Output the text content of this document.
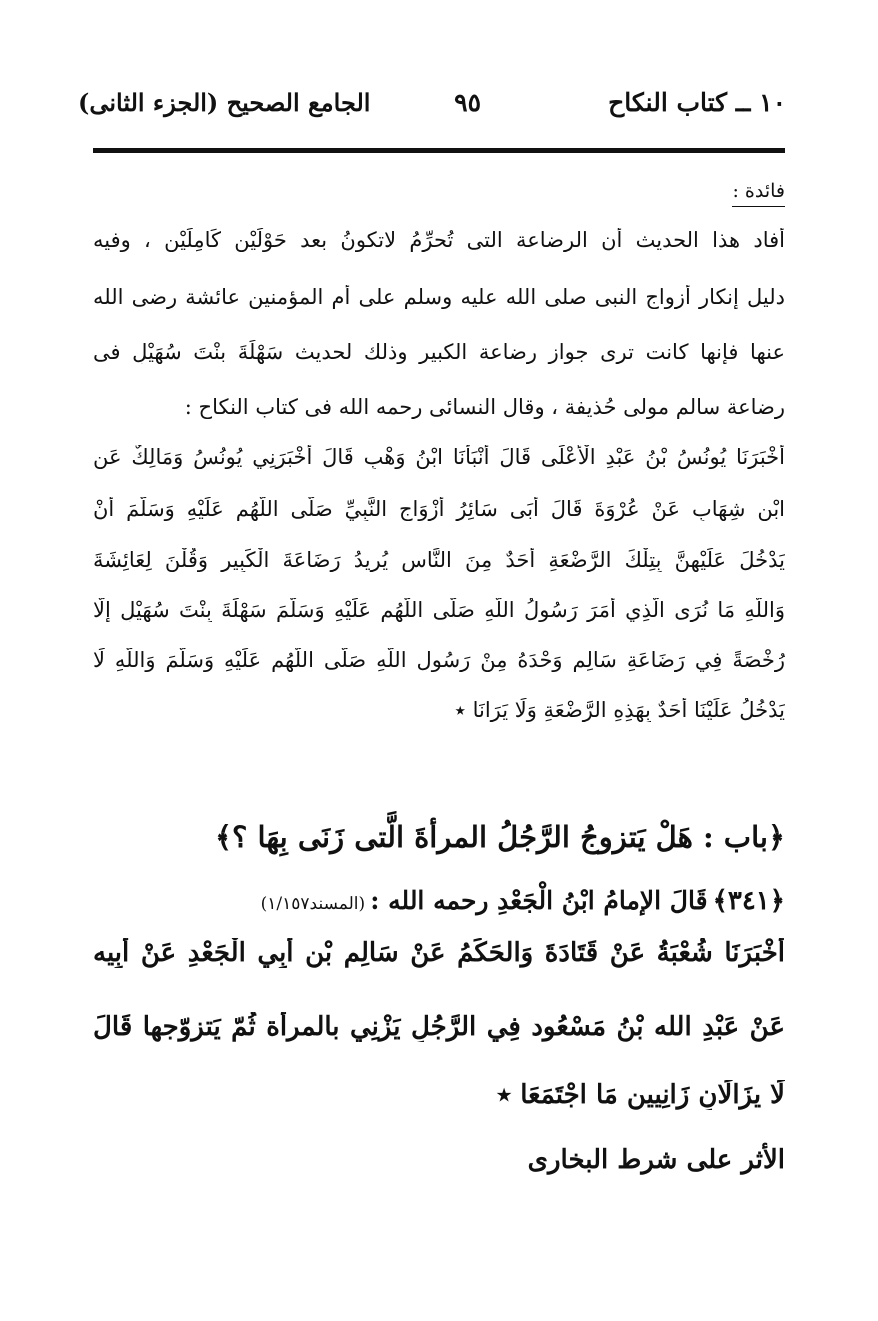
١٠ ــ كتاب النكاح
٩٥
الجامع الصحيح (الجزء الثانى)
فائدة :
أفاد هذا الحديث أن الرضاعة التى تُحرِّمُ لاتكونُ بعد حَوْلَيْنِ كَامِلَيْنِ ، وفيه
دليل إنكار أزواج النبى صلى الله عليه وسلم على أم المؤمنين عائشة رضى الله
عنها فإنها كانت ترى جواز رضاعة الكبير وذلك لحديث سَهْلَةَ بنْتَ سُهَيْلٍ فى
رضاعة سالم مولى حُذيفة ، وقال النسائى رحمه الله فى كتاب النكاح :
أَخْبَرَنَا يُونُسُ بْنُ عَبْدِ الْأَعْلَى قَالَ أَنْبَأَنَا ابْنُ وَهْبٍ قَالَ أَخْبَرَنِي يُونُسُ وَمَالِكٌ عَنِ
ابْنِ شِهَابٍ عَنْ عُرْوَةَ قَالَ أَبَى سَائِرُ أَزْوَاجِ النَّبِيِّ صَلَّى اللَّهُم عَلَيْهِ وَسَلَّمَ أَنْ
يَدْخُلَ عَلَيْهِنَّ بِتِلْكَ الرَّضْعَةِ أَحَدٌ مِنَ النَّاسِ يُرِيدُ رَضَاعَةَ الْكَبِيرِ وَقُلْنَ لِعَائِشَةَ
وَاللَّهِ مَا نُرَى الَّذِي أَمَرَ رَسُولُ اللَّهِ صَلَّى اللَّهُم عَلَيْهِ وَسَلَّمَ سَهْلَةَ بِنْتَ سُهَيْلٍ إِلَّا
رُخْصَةً فِي رَضَاعَةِ سَالِمٍ وَحْدَهُ مِنْ رَسُولِ اللَّهِ صَلَّى اللَّهُم عَلَيْهِ وَسَلَّمَ وَاللَّهِ لَا
يَدْخُلُ عَلَيْنَا أَحَدٌ بِهَذِهِ الرَّضْعَةِ وَلَا يَرَانَا ٭
﴿باب : هَلْ يَتزوجُ الرَّجُلُ المرأةَ الَّتى زَنَى بِهَا ؟﴾
﴿٣٤١﴾ قَالَ الإمامُ ابْنُ الْجَعْدِ رحمه الله : (المسند١/١٥٧)
أَخْبَرَنَا شُعْبَةُ عَنْ قَتَادَةَ وَالحَكَمُ عَنْ سَالِمِ بْنِ أَبِي الْجَعْدِ عَنْ أَبِيه
عَنْ عَبْدِ الله بْنُ مَسْعُود فِي الرَّجُلِ يَزْنِي بالمرأة ثُمّ يَتزوّجها قَالَ
لَا يزَالَانِ زَانِيين مَا اجْتَمَعَا ٭
الأثر على شرط البخارى
